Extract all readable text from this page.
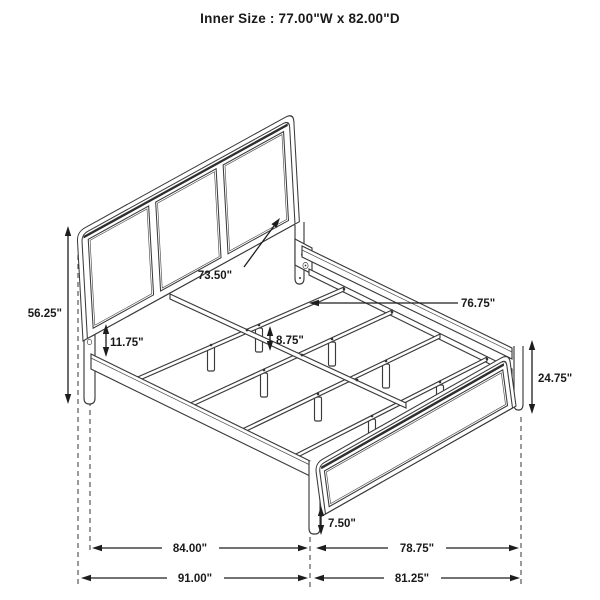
56.25"
11.75"	8.75"
24.75"
7.50"
73.50"
76.75"
84.00"	78.75"
91.00"	81.25"
Inner Size : 77.00"W x 82.00"D
